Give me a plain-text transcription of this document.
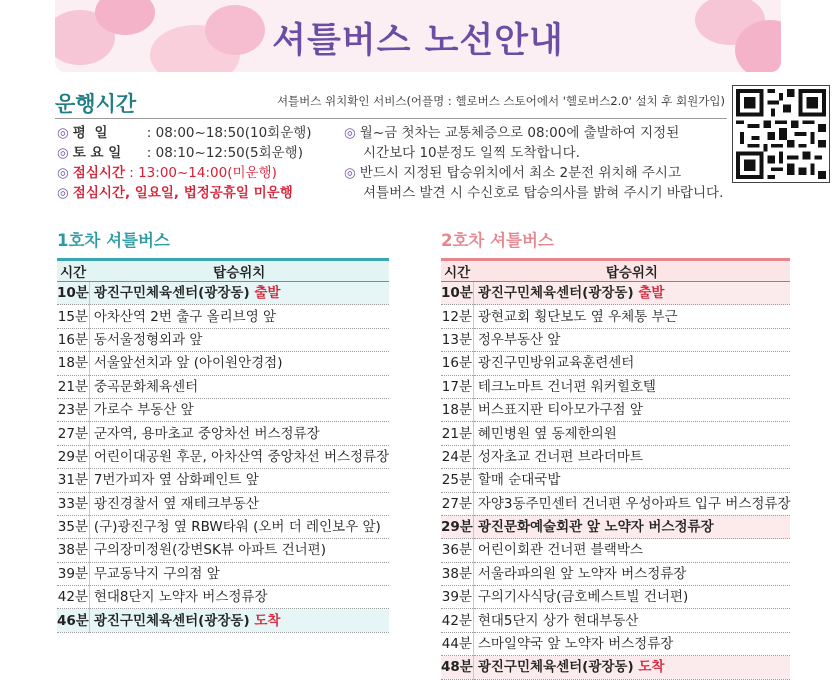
셔틀버스 노선안내
운행시간	셔틀버스 위치확인 서비스(어플명 : 헬로버스 스토어에서 '헬로버스2.0' 설치 후 회원가입)
◎ 평 일	: 08:00~18:50(10회운행)
◎ 토 요 일 : 08:10~12:50(5회운행)
◎ 점심시간 : 13:00~14:00(미운행)
◎ 점심시간, 일요일, 법정공휴일 미운행
◎ 월~금 첫차는 교통체증으로 08:00에 출발하여 지정된
시간보다 10분정도 일찍 도착합니다.
◎ 반드시 지정된 탑승위치에서 최소 2분전 위치해 주시고
셔틀버스 발견 시 수신호로 탑승의사를 밝혀 주시기 바랍니다.
1호차 셔틀버스
시간	탑승위치
10분	광진구민체육센터(광장동) 출발
15분	아차산역 2번 출구 올리브영 앞
16분	동서울정형외과 앞
18분	서울앞선치과 앞 (아이원안경점)
21분	중곡문화체육센터
23분	가로수 부동산 앞
27분	군자역, 용마초교 중앙차선 버스정류장
29분	어린이대공원 후문, 아차산역 중앙차선 버스정류장
31분	7번가피자 옆 삼화페인트 앞
33분	광진경찰서 옆 재테크부동산
35분	(구)광진구청 옆 RBW타워 (오버 더 레인보우 앞)
38분	구의장미정원(강변SK뷰 아파트 건너편)
39분	무교동낙지 구의점 앞
42분	현대8단지 노약자 버스정류장
46분	광진구민체육센터(광장동) 도착
2호차 셔틀버스
시간	탑승위치
10분	광진구민체육센터(광장동) 출발
12분	광현교회 횡단보도 옆 우체통 부근
13분	정우부동산 앞
16분	광진구민방위교육훈련센터
17분	테크노마트 건너편 워커힐호텔
18분	버스표지판 티아모가구점 앞
21분	혜민병원 옆 동제한의원
24분	성자초교 건너편 브라더마트
25분	할매 순대국밥
27분	자양3동주민센터 건너편 우성아파트 입구 버스정류장
29분	광진문화예술회관 앞 노약자 버스정류장
36분	어린이회관 건너편 블랙박스
38분	서울라파의원 앞 노약자 버스정류장
39분	구의기사식당(금호베스트빌 건너편)
42분	현대5단지 상가 현대부동산
44분	스마일약국 앞 노약자 버스정류장
48분	광진구민체육센터(광장동) 도착
